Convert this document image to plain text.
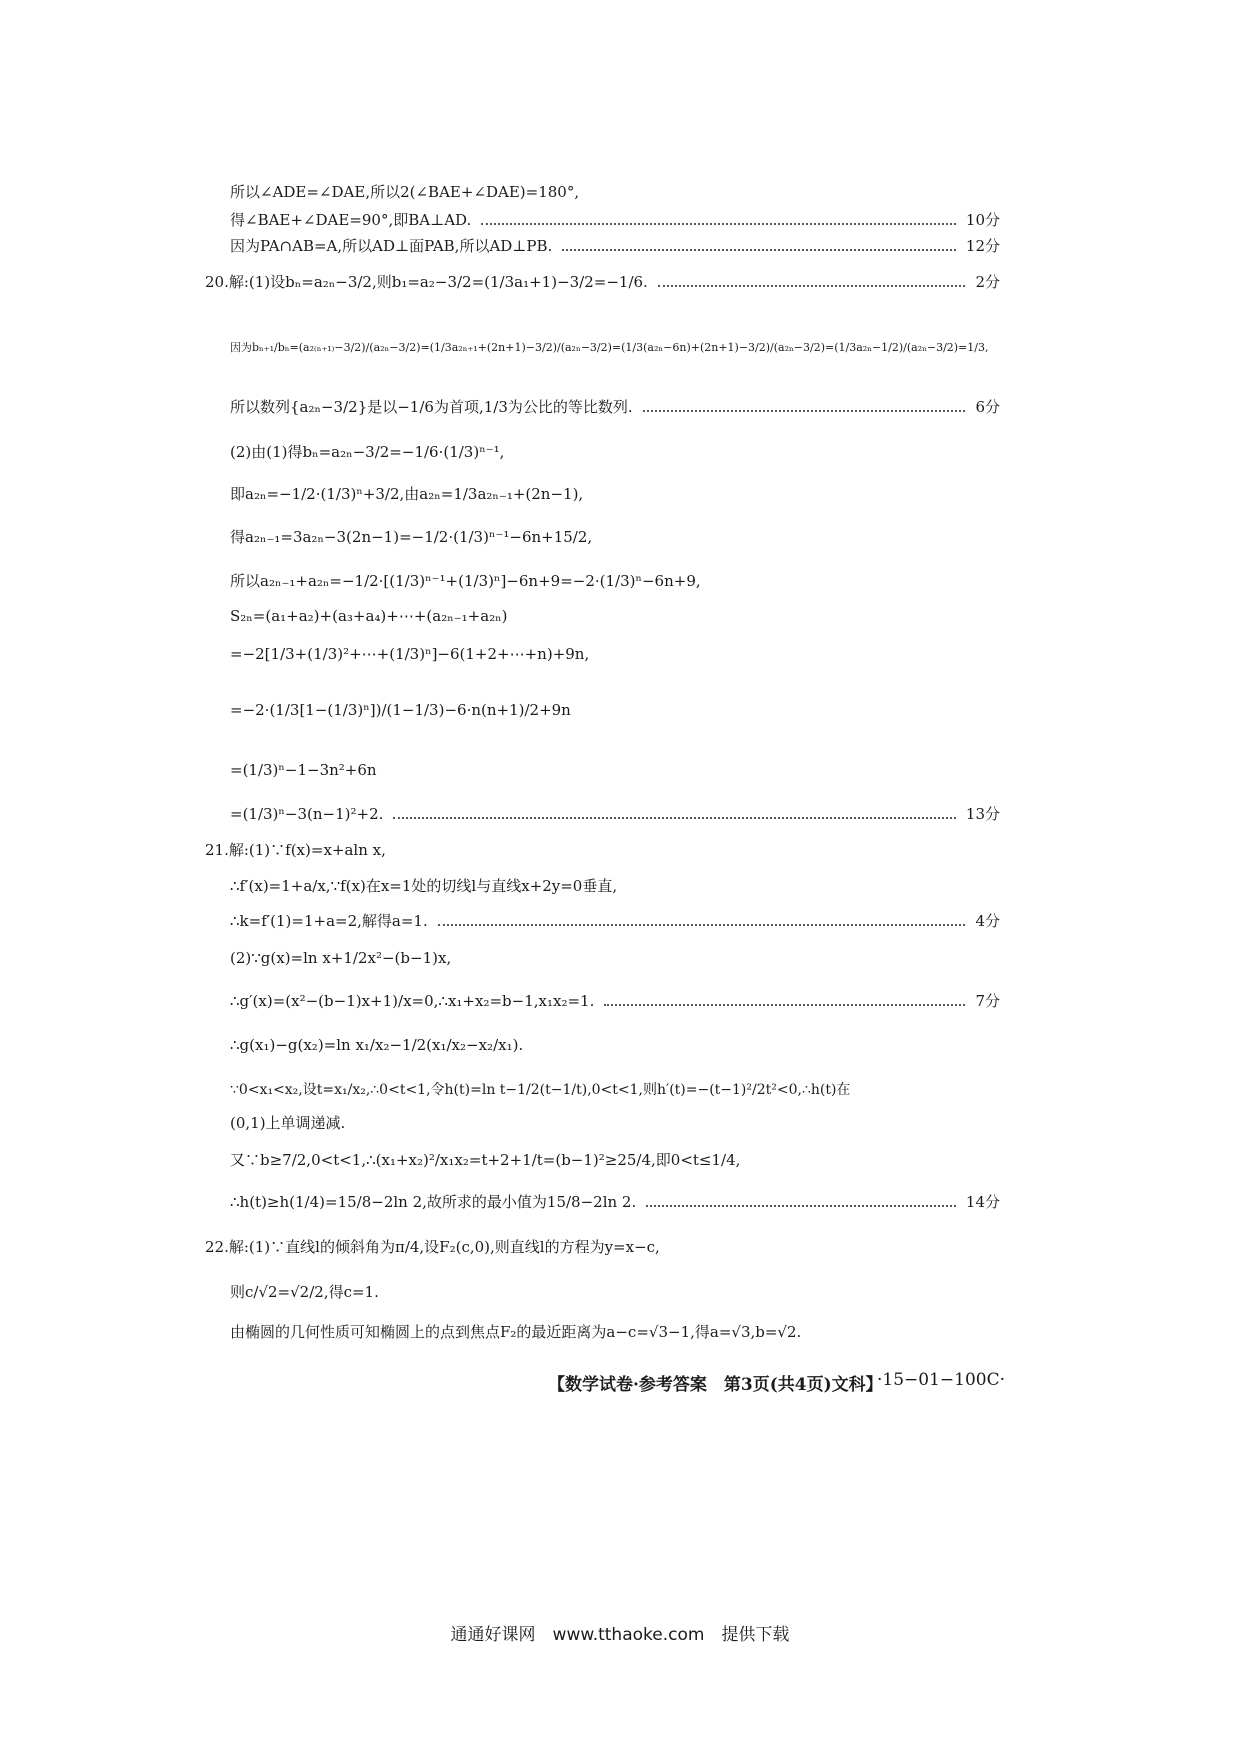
所以∠ADE=∠DAE,所以2(∠BAE+∠DAE)=180°,
得∠BAE+∠DAE=90°,即BA⊥AD.	10分
因为PA∩AB=A,所以AD⊥面PAB,所以AD⊥PB.	12分
20.解:(1)设bₙ=a₂ₙ−3/2,则b₁=a₂−3/2=(1/3a₁+1)−3/2=−1/6.	2分
因为bₙ₊₁/bₙ=(a₂₍ₙ₊₁₎−3/2)/(a₂ₙ−3/2)=(1/3a₂ₙ₊₁+(2n+1)−3/2)/(a₂ₙ−3/2)=(1/3(a₂ₙ−6n)+(2n+1)−3/2)/(a₂ₙ−3/2)=(1/3a₂ₙ−1/2)/(a₂ₙ−3/2)=1/3,
所以数列{a₂ₙ−3/2}是以−1/6为首项,1/3为公比的等比数列.	6分
(2)由(1)得bₙ=a₂ₙ−3/2=−1/6·(1/3)ⁿ⁻¹,
即a₂ₙ=−1/2·(1/3)ⁿ+3/2,由a₂ₙ=1/3a₂ₙ₋₁+(2n−1),
得a₂ₙ₋₁=3a₂ₙ−3(2n−1)=−1/2·(1/3)ⁿ⁻¹−6n+15/2,
所以a₂ₙ₋₁+a₂ₙ=−1/2·[(1/3)ⁿ⁻¹+(1/3)ⁿ]−6n+9=−2·(1/3)ⁿ−6n+9,
S₂ₙ=(a₁+a₂)+(a₃+a₄)+⋯+(a₂ₙ₋₁+a₂ₙ)
=−2[1/3+(1/3)²+⋯+(1/3)ⁿ]−6(1+2+⋯+n)+9n,
=−2·(1/3[1−(1/3)ⁿ])/(1−1/3)−6·n(n+1)/2+9n
=(1/3)ⁿ−1−3n²+6n
=(1/3)ⁿ−3(n−1)²+2.	13分
21.解:(1)∵f(x)=x+aln x,
∴f′(x)=1+a/x,∵f(x)在x=1处的切线l与直线x+2y=0垂直,
∴k=f′(1)=1+a=2,解得a=1.	4分
(2)∵g(x)=ln x+1/2x²−(b−1)x,
∴g′(x)=(x²−(b−1)x+1)/x=0,∴x₁+x₂=b−1,x₁x₂=1.	7分
∴g(x₁)−g(x₂)=ln x₁/x₂−1/2(x₁/x₂−x₂/x₁).
∵0<x₁<x₂,设t=x₁/x₂,∴0<t<1,令h(t)=ln t−1/2(t−1/t),0<t<1,则h′(t)=−(t−1)²/2t²<0,∴h(t)在
(0,1)上单调递减.
又∵b≥7/2,0<t<1,∴(x₁+x₂)²/x₁x₂=t+2+1/t=(b−1)²≥25/4,即0<t≤1/4,
∴h(t)≥h(1/4)=15/8−2ln 2,故所求的最小值为15/8−2ln 2.	14分
22.解:(1)∵直线l的倾斜角为π/4,设F₂(c,0),则直线l的方程为y=x−c,
则c/√2=√2/2,得c=1.
由椭圆的几何性质可知椭圆上的点到焦点F₂的最近距离为a−c=√3−1,得a=√3,b=√2.
【数学试卷·参考答案　第3页(共4页)文科】
·15−01−100C·
通通好课网　www.tthaoke.com　提供下载
